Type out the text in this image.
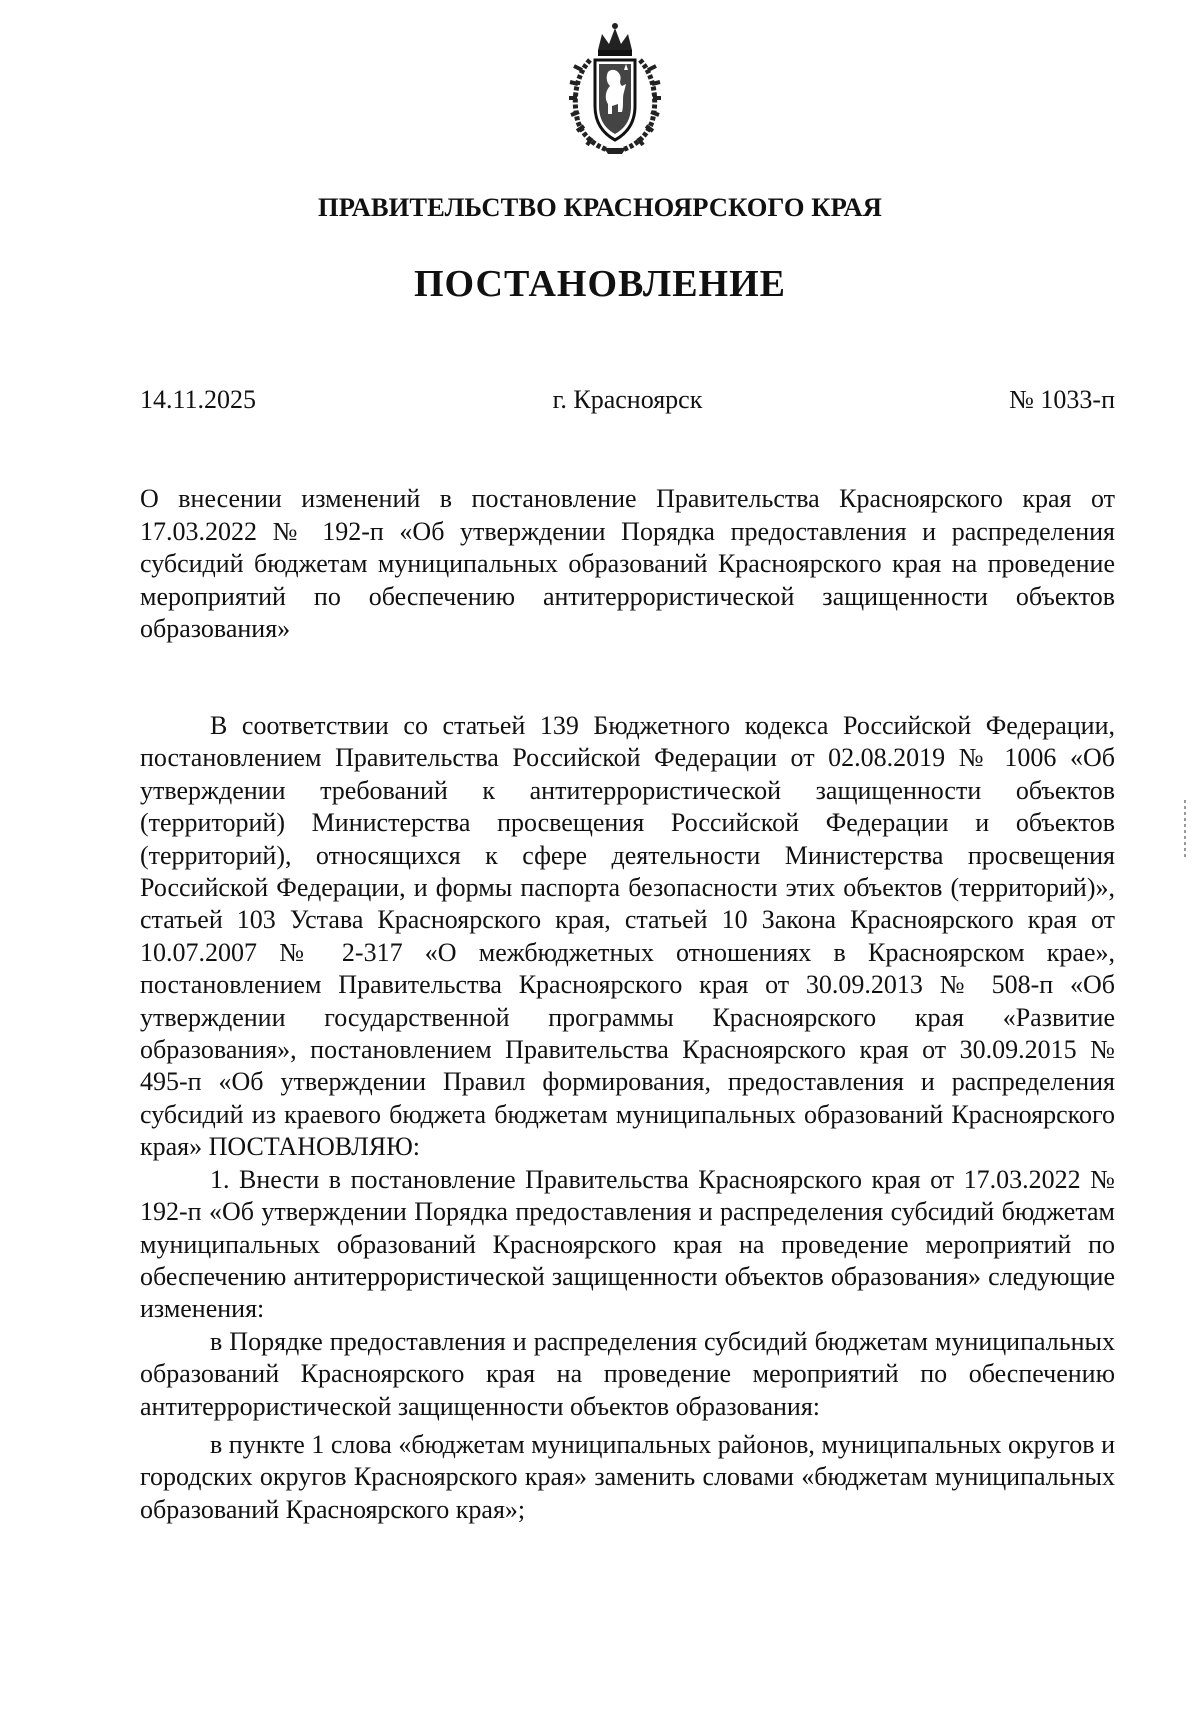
ПРАВИТЕЛЬСТВО КРАСНОЯРСКОГО КРАЯ
ПОСТАНОВЛЕНИЕ
14.11.2025	г. Красноярск	№ 1033-п
О внесении изменений в постановление Правительства Красноярского края от 17.03.2022 № 192-п «Об утверждении Порядка предоставления и распределения субсидий бюджетам муниципальных образований Красноярского края на проведение мероприятий по обеспечению антитеррористической защищенности объектов образования»

В соответствии со статьей 139 Бюджетного кодекса Российской Федерации, постановлением Правительства Российской Федерации от 02.08.2019 № 1006 «Об утверждении требований к антитеррористической защищенности объектов (территорий) Министерства просвещения Российской Федерации и объектов (территорий), относящихся к сфере деятельности Министерства просвещения Российской Федерации, и формы паспорта безопасности этих объектов (территорий)», статьей 103 Устава Красноярского края, статьей 10 Закона Красноярского края от 10.07.2007 № 2-317 «О межбюджетных отношениях в Красноярском крае», постановлением Правительства Красноярского края от 30.09.2013 № 508-п «Об утверждении государственной программы Красноярского края «Развитие образования», постановлением Правительства Красноярского края от 30.09.2015 № 495-п «Об утверждении Правил формирования, предоставления и распределения субсидий из краевого бюджета бюджетам муниципальных образований Красноярского края» ПОСТАНОВЛЯЮ:

1. Внести в постановление Правительства Красноярского края от 17.03.2022 № 192-п «Об утверждении Порядка предоставления и распределения субсидий бюджетам муниципальных образований Красноярского края на проведение мероприятий по обеспечению антитеррористической защищенности объектов образования» следующие изменения:

в Порядке предоставления и распределения субсидий бюджетам муниципальных образований Красноярского края на проведение мероприятий по обеспечению антитеррористической защищенности объектов образования:

в пункте 1 слова «бюджетам муниципальных районов, муниципальных округов и городских округов Красноярского края» заменить словами «бюджетам муниципальных образований Красноярского края»;
